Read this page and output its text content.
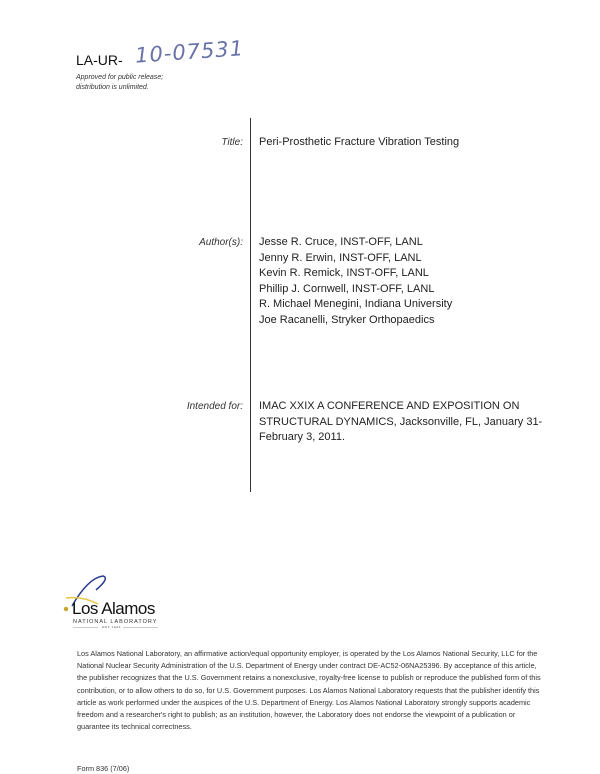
LA-UR- 10-07531
Approved for public release;
distribution is unlimited.
Title: Peri-Prosthetic Fracture Vibration Testing
Author(s): Jesse R. Cruce, INST-OFF, LANL
Jenny R. Erwin, INST-OFF, LANL
Kevin R. Remick, INST-OFF, LANL
Phillip J. Cornwell, INST-OFF, LANL
R. Michael Menegini, Indiana University
Joe Racanelli, Stryker Orthopaedics
Intended for: IMAC XXIX A CONFERENCE AND EXPOSITION ON
STRUCTURAL DYNAMICS, Jacksonville, FL, January 31-
February 3, 2011.
Los Alamos
NATIONAL LABORATORY
EST. 1943
Los Alamos National Laboratory, an affirmative action/equal opportunity employer, is operated by the Los Alamos National Security, LLC for the National Nuclear Security Administration of the U.S. Department of Energy under contract DE-AC52-06NA25396. By acceptance of this article, the publisher recognizes that the U.S. Government retains a nonexclusive, royalty-free license to publish or reproduce the published form of this contribution, or to allow others to do so, for U.S. Government purposes. Los Alamos National Laboratory requests that the publisher identify this article as work performed under the auspices of the U.S. Department of Energy. Los Alamos National Laboratory strongly supports academic freedom and a researcher's right to publish; as an institution, however, the Laboratory does not endorse the viewpoint of a publication or guarantee its technical correctness.
Form 836 (7/06)
